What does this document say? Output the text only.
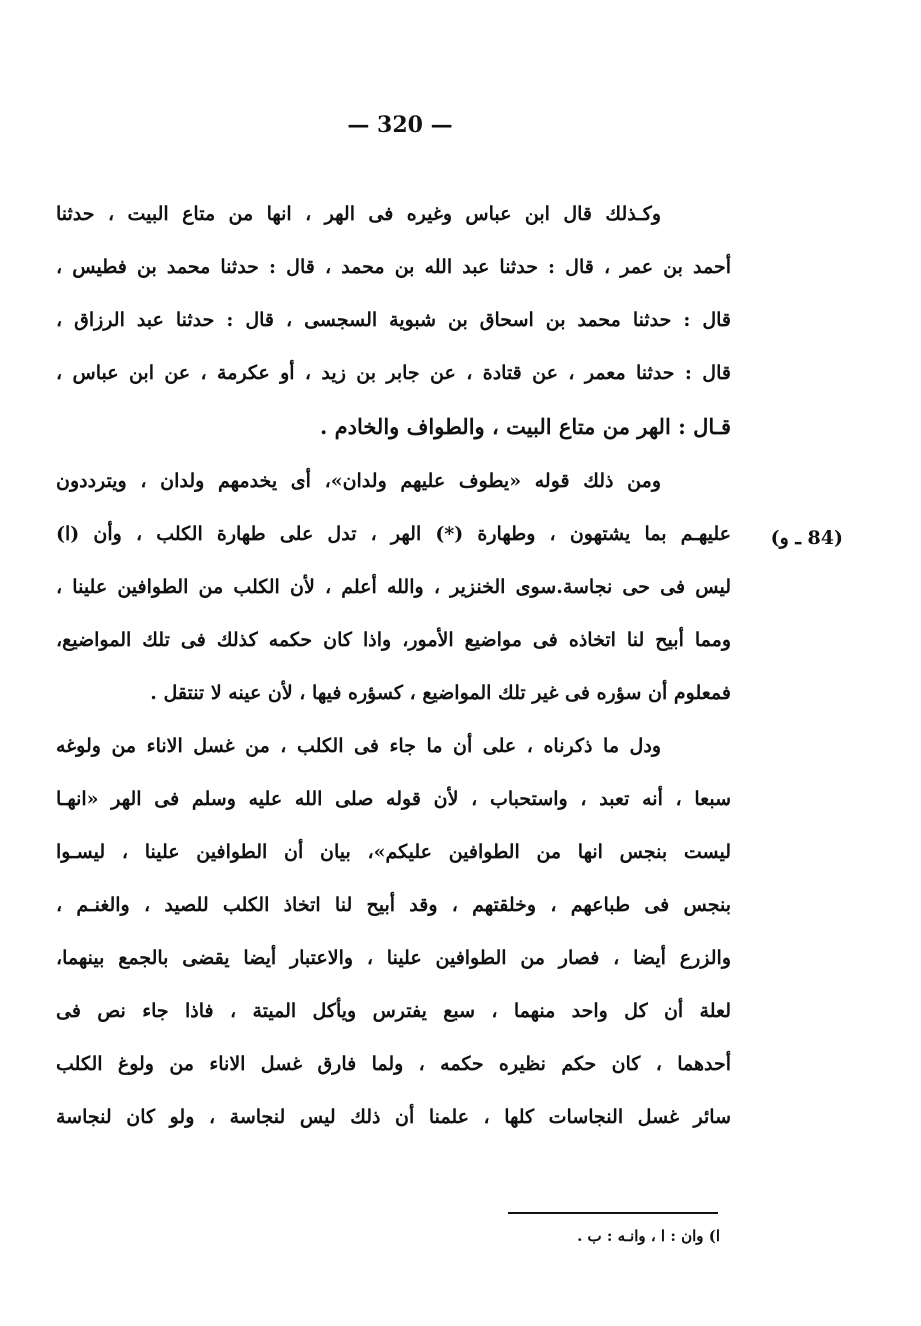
— 320 —
(84 ـ و)
وكـذلك قال ابن عباس وغيره فى الهر ، انها من متاع البيت ، حدثنا
أحمد بن عمر ، قال : حدثنا عبد الله بن محمد ، قال : حدثنا محمد بن فطيس ،
قال : حدثنا محمد بن اسحاق بن شبوية السجسى ، قال : حدثنا عبد الرزاق ،
قال : حدثنا معمر ، عن قتادة ، عن جابر بن زيد ، أو عكرمة ، عن ابن عباس ،
قـال : الهر من متاع البيت ، والطواف والخادم .
ومن ذلك قوله «يطوف عليهم ولدان»، أى يخدمهم ولدان ، ويترددون
عليهـم بما يشتهون ، وطهارة (*) الهر ، تدل على طهارة الكلب ، وأن (ا)
ليس فى حى نجاسة.سوى الخنزير ، والله أعلم ، لأن الكلب من الطوافين علينا ،
ومما أبيح لنا اتخاذه فى مواضيع الأمور، واذا كان حكمه كذلك فى تلك المواضيع،
فمعلوم أن سؤره فى غير تلك المواضيع ، كسؤره فيها ، لأن عينه لا تنتقل .
ودل ما ذكرناه ، على أن ما جاء فى الكلب ، من غسل الاناء من ولوغه
سبعا ، أنه تعبد ، واستحباب ، لأن قوله صلى الله عليه وسلم فى الهر «انهـا
ليست بنجس انها من الطوافين عليكم»، بيان أن الطوافين علينا ، ليسـوا
بنجس فى طباعهم ، وخلقتهم ، وقد أبيح لنا اتخاذ الكلب للصيد ، والغنـم ،
والزرع أيضا ، فصار من الطوافين علينا ، والاعتبار أيضا يقضى بالجمع بينهما،
لعلة أن كل واحد منهما ، سبع يفترس ويأكل الميتة ، فاذا جاء نص فى
أحدهما ، كان حكم نظيره حكمه ، ولما فارق غسل الاناء من ولوغ الكلب
سائر غسل النجاسات كلها ، علمنا أن ذلك ليس لنجاسة ، ولو كان لنجاسة
ا) وان : ا ، وانـه : ب .
